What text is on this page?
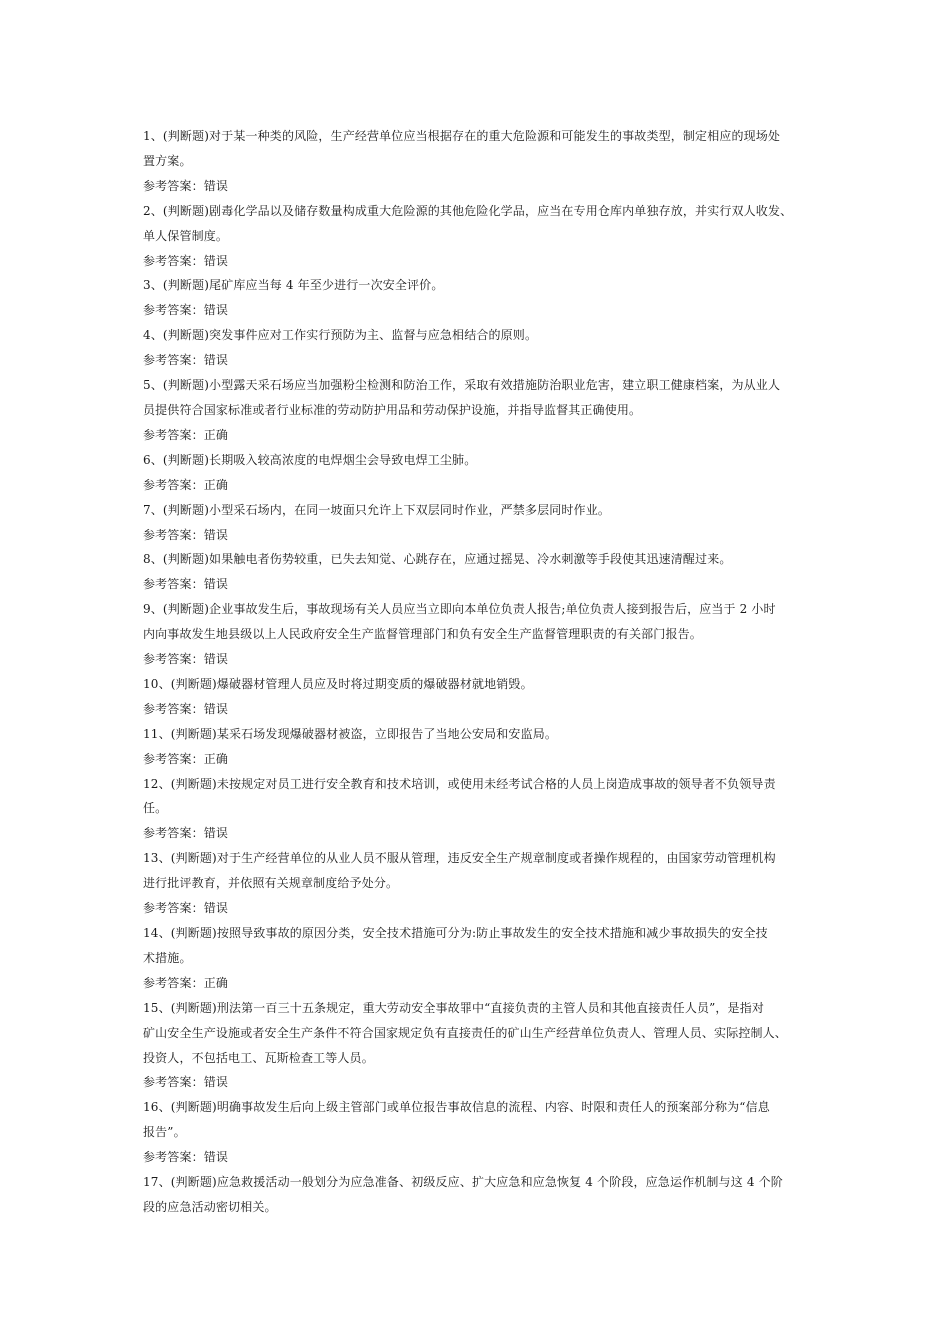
1、(判断题)对于某一种类的风险，生产经营单位应当根据存在的重大危险源和可能发生的事故类型，制定相应的现场处
置方案。
参考答案：错误
2、(判断题)剧毒化学品以及储存数量构成重大危险源的其他危险化学品，应当在专用仓库内单独存放，并实行双人收发、
单人保管制度。
参考答案：错误
3、(判断题)尾矿库应当每 4 年至少进行一次安全评价。
参考答案：错误
4、(判断题)突发事件应对工作实行预防为主、监督与应急相结合的原则。
参考答案：错误
5、(判断题)小型露天采石场应当加强粉尘检测和防治工作，采取有效措施防治职业危害，建立职工健康档案，为从业人
员提供符合国家标准或者行业标准的劳动防护用品和劳动保护设施，并指导监督其正确使用。
参考答案：正确
6、(判断题)长期吸入较高浓度的电焊烟尘会导致电焊工尘肺。
参考答案：正确
7、(判断题)小型采石场内，在同一坡面只允许上下双层同时作业，严禁多层同时作业。
参考答案：错误
8、(判断题)如果触电者伤势较重，已失去知觉、心跳存在，应通过摇晃、冷水刺激等手段使其迅速清醒过来。
参考答案：错误
9、(判断题)企业事故发生后，事故现场有关人员应当立即向本单位负责人报告;单位负责人接到报告后，应当于 2 小时
内向事故发生地县级以上人民政府安全生产监督管理部门和负有安全生产监督管理职责的有关部门报告。
参考答案：错误
10、(判断题)爆破器材管理人员应及时将过期变质的爆破器材就地销毁。
参考答案：错误
11、(判断题)某采石场发现爆破器材被盗，立即报告了当地公安局和安监局。
参考答案：正确
12、(判断题)未按规定对员工进行安全教育和技术培训，或使用未经考试合格的人员上岗造成事故的领导者不负领导责
任。
参考答案：错误
13、(判断题)对于生产经营单位的从业人员不服从管理，违反安全生产规章制度或者操作规程的，由国家劳动管理机构
进行批评教育，并依照有关规章制度给予处分。
参考答案：错误
14、(判断题)按照导致事故的原因分类，安全技术措施可分为:防止事故发生的安全技术措施和减少事故损失的安全技
术措施。
参考答案：正确
15、(判断题)刑法第一百三十五条规定，重大劳动安全事故罪中“直接负责的主管人员和其他直接责任人员”，是指对
矿山安全生产设施或者安全生产条件不符合国家规定负有直接责任的矿山生产经营单位负责人、管理人员、实际控制人、
投资人，不包括电工、瓦斯检查工等人员。
参考答案：错误
16、(判断题)明确事故发生后向上级主管部门或单位报告事故信息的流程、内容、时限和责任人的预案部分称为“信息
报告”。
参考答案：错误
17、(判断题)应急救援活动一般划分为应急准备、初级反应、扩大应急和应急恢复 4 个阶段，应急运作机制与这 4 个阶
段的应急活动密切相关。
